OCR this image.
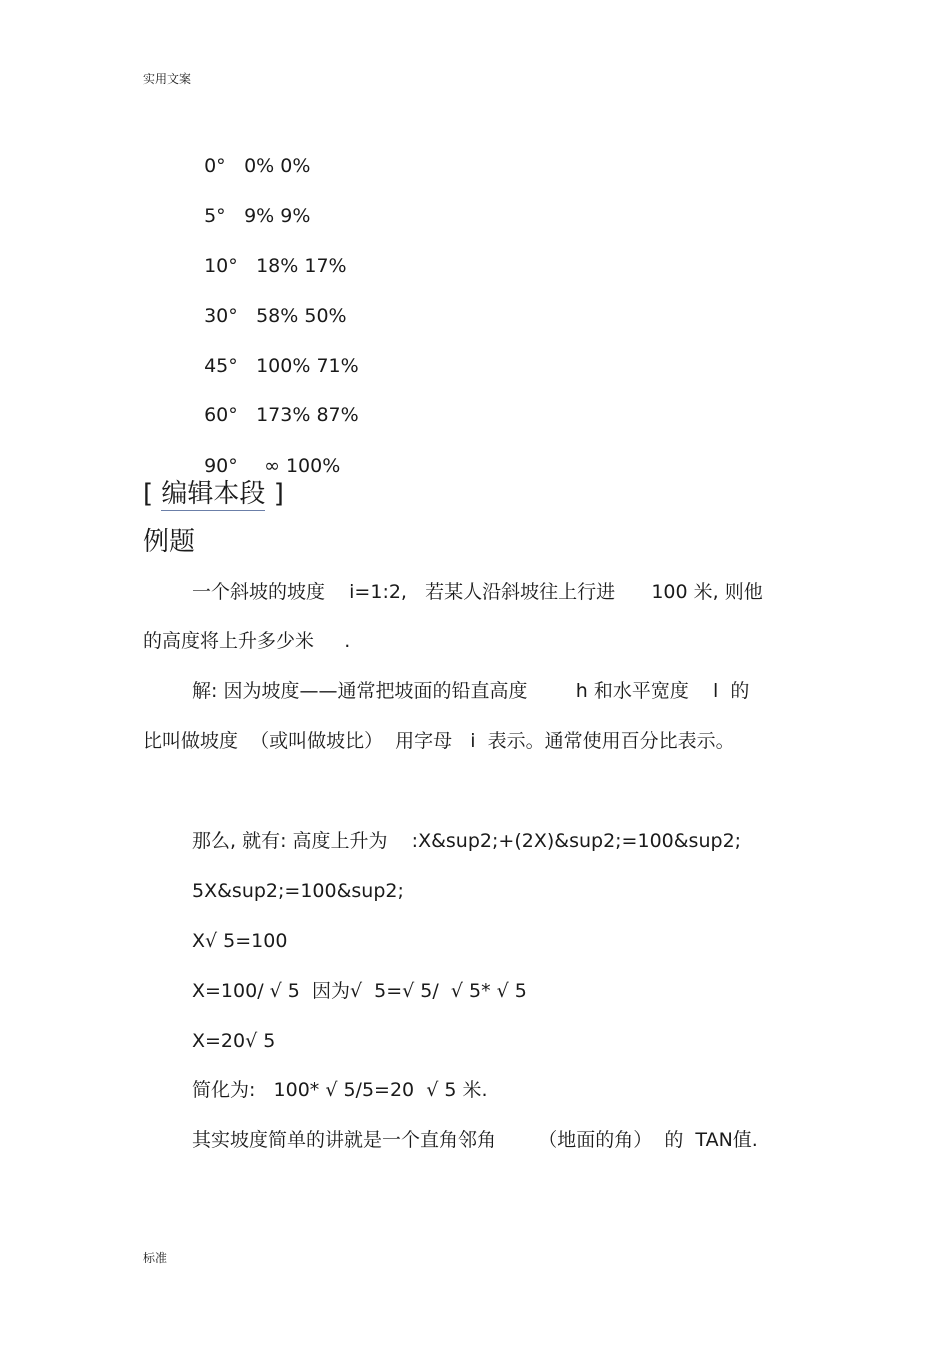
实用文案

0° 0% 0%

5° 9% 9%

10° 18% 17%

30° 58% 50%

45° 100% 71%

60° 173% 87%

90° ∞ 100%

[ 编辑本段 ]
例题
一个斜坡的坡度    i=1:2,   若某人沿斜坡往上行进      100 米, 则他
的高度将上升多少米     .
解: 因为坡度——通常把坡面的铅直高度        h 和水平宽度    l  的
比叫做坡度  （或叫做坡比）  用字母   i  表示。通常使用百分比表示。
那么, 就有: 高度上升为    :X&sup2;+(2X)&sup2;=100&sup2;
5X&sup2;=100&sup2;
X√ 5=100
X=100/ √ 5  因为√  5=√ 5/  √ 5* √ 5
X=20√ 5
简化为:   100* √ 5/5=20  √ 5 米.
其实坡度简单的讲就是一个直角邻角       （地面的角）  的  TAN值.
标准
